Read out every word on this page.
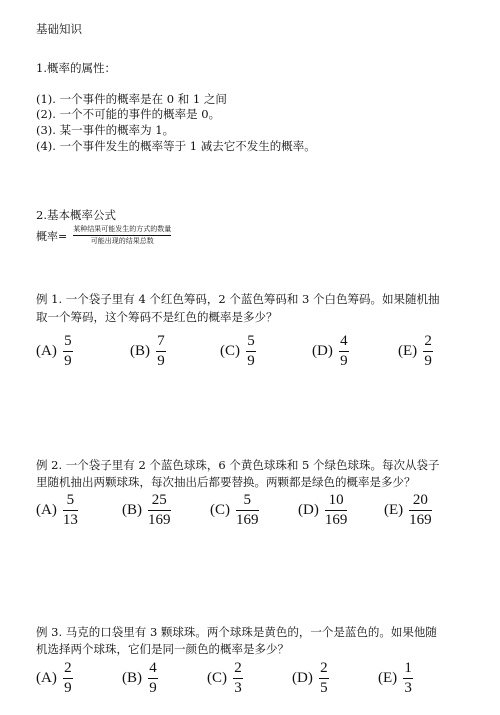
基础知识
1.概率的属性：
(1). 一个事件的概率是在 0 和 1 之间
(2). 一个不可能的事件的概率是 0。
(3). 某一事件的概率为 1。
(4). 一个事件发生的概率等于 1 减去它不发生的概率。
2.基本概率公式
概率= $\frac{\text{某种结果可能发生的方式的数量}}{\text{可能出现的结果总数}}$
例 1. 一个袋子里有 4 个红色筹码，2 个蓝色筹码和 3 个白色筹码。如果随机抽
取一个筹码，这个筹码不是红色的概率是多少？
(A)
5
9
(B)
7
9
(C)
5
9
(D)
4
9
(E)
2
9
例 2. 一个袋子里有 2 个蓝色球珠，6 个黄色球珠和 5 个绿色球珠。每次从袋子
里随机抽出两颗球珠，每次抽出后都要替换。两颗都是绿色的概率是多少？
(A)
5
13
(B)
25
169
(C)
5
169
(D)
10
169
(E)
20
169
例 3. 马克的口袋里有 3 颗球珠。两个球珠是黄色的，一个是蓝色的。如果他随
机选择两个球珠，它们是同一颜色的概率是多少？
(A)
2
9
(B)
4
9
(C)
2
3
(D)
2
5
(E)
1
3
